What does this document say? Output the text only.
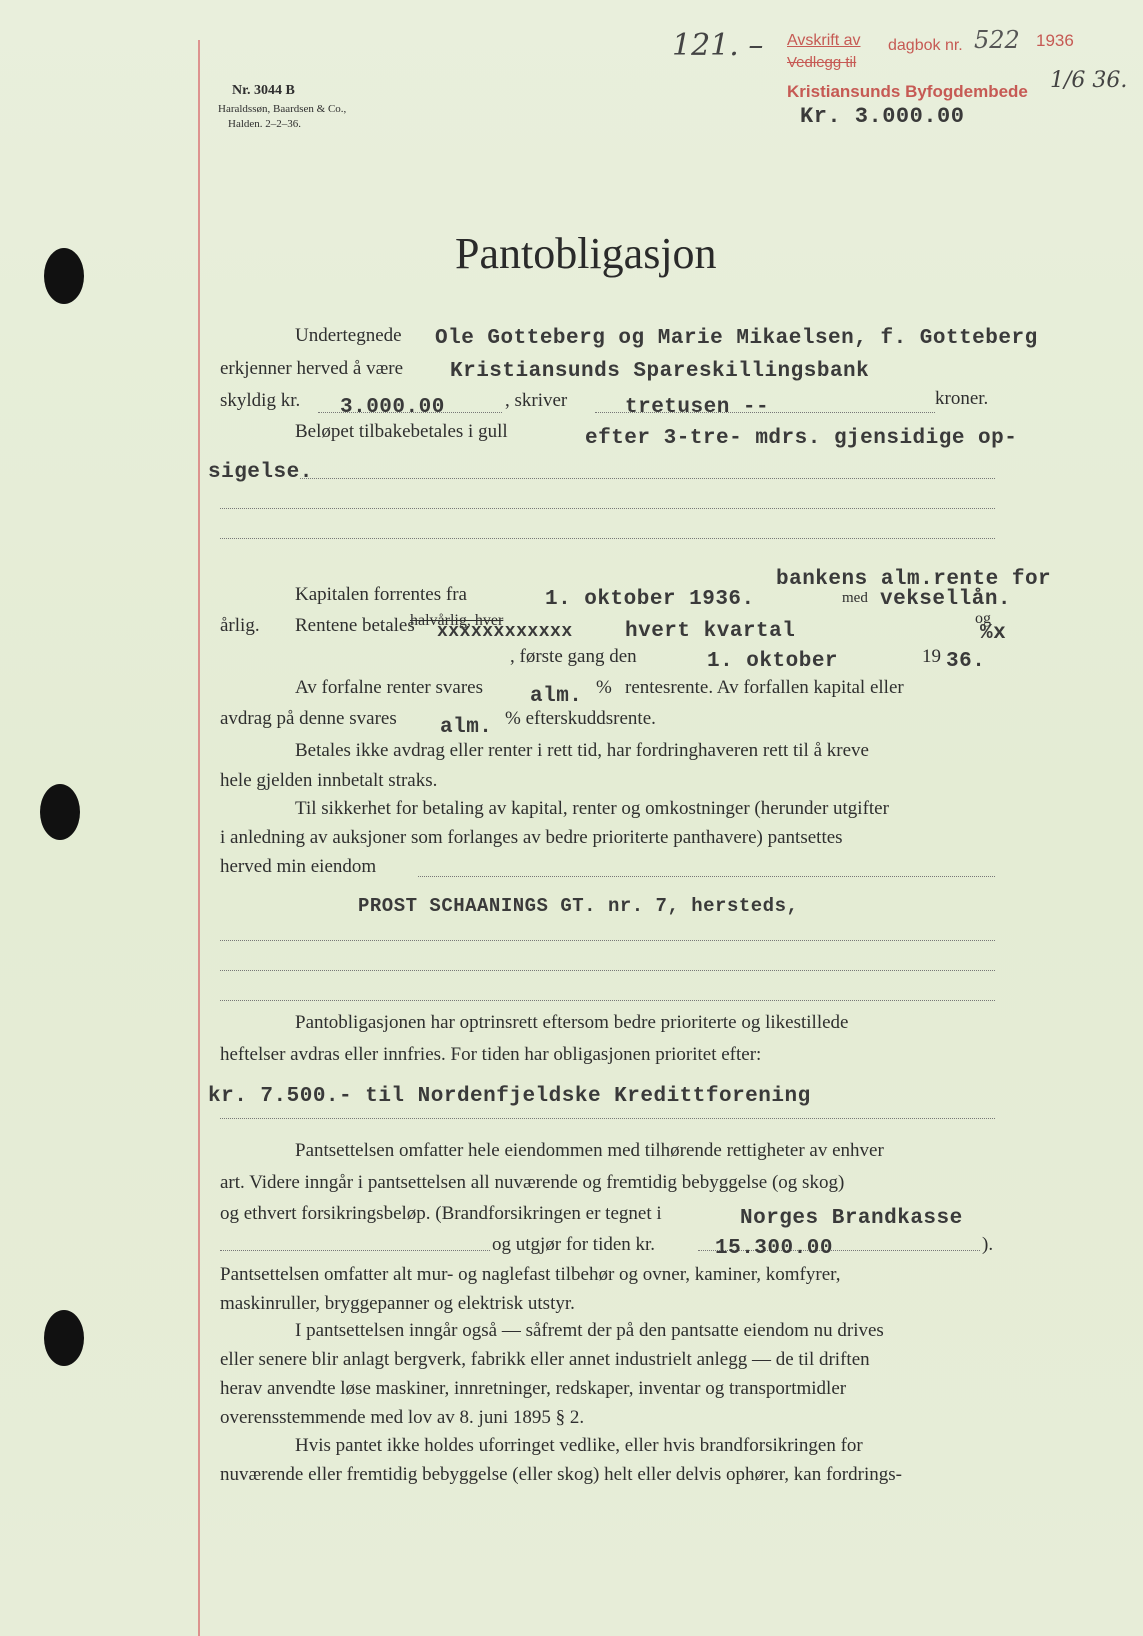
Nr. 3044 B
Haraldssøn, Baardsen & Co.,
Halden. 2–2–36.
121. – Avskrift av
Vedlegg til
dagbok nr. 522 1936
Kristiansunds Byfogdembede 1/6 36.
Kr. 3.000.00
Pantobligasjon
Undertegnede Ole Gotteberg og Marie Mikaelsen, f. Gotteberg
erkjenner herved å være Kristiansunds Spareskillingsbank
skyldig kr. 3.000.00	, skriver	tretusen --	kroner.
Beløpet tilbakebetales i gull	efter 3-tre- mdrs. gjensidige op-
sigelse.
Kapitalen forrentes fra	1. oktober 1936.
bankens alm.rente for
med veksellån.
årlig. Rentene betales
halvårlig, hver
xxxxxxxxxxxx hvert kvartal
og
%x
, første gang den	1. oktober	19 36.
Av forfalne renter svares alm. % rentesrente. Av forfallen kapital eller
avdrag på denne svares alm. % efterskuddsrente.
Betales ikke avdrag eller renter i rett tid, har fordringhaveren rett til å kreve
hele gjelden innbetalt straks.
Til sikkerhet for betaling av kapital, renter og omkostninger (herunder utgifter
i anledning av auksjoner som forlanges av bedre prioriterte panthavere) pantsettes
herved min eiendom
PROST SCHAANINGS GT. nr. 7, hersteds,
Pantobligasjonen har optrinsrett eftersom bedre prioriterte og likestillede
heftelser avdras eller innfries. For tiden har obligasjonen prioritet efter:
kr. 7.500.- til Nordenfjeldske Kredittforening
Pantsettelsen omfatter hele eiendommen med tilhørende rettigheter av enhver
art. Videre inngår i pantsettelsen all nuværende og fremtidig bebyggelse (og skog)
og ethvert forsikringsbeløp. (Brandforsikringen er tegnet i	Norges Brandkasse
og utgjør for tiden kr.	15.300.00	).
Pantsettelsen omfatter alt mur- og naglefast tilbehør og ovner, kaminer, komfyrer,
maskinruller, bryggepanner og elektrisk utstyr.
I pantsettelsen inngår også — såfremt der på den pantsatte eiendom nu drives
eller senere blir anlagt bergverk, fabrikk eller annet industrielt anlegg — de til driften
herav anvendte løse maskiner, innretninger, redskaper, inventar og transportmidler
overensstemmende med lov av 8. juni 1895 § 2.
Hvis pantet ikke holdes uforringet vedlike, eller hvis brandforsikringen for
nuværende eller fremtidig bebyggelse (eller skog) helt eller delvis ophører, kan fordrings-
